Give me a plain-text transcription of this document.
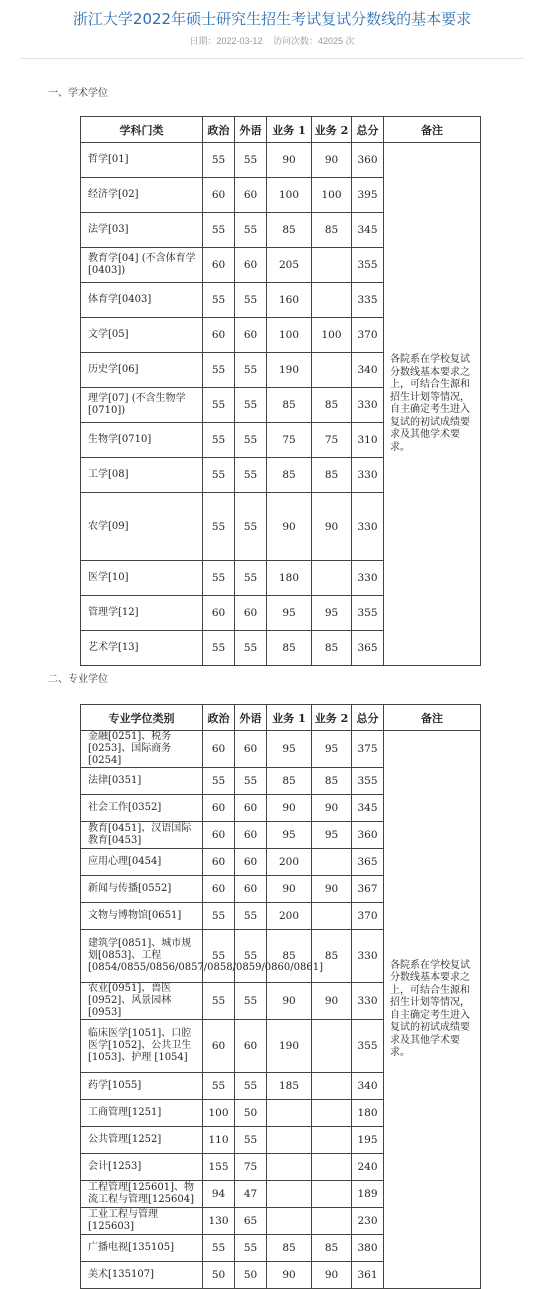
浙江大学2022年硕士研究生招生考试复试分数线的基本要求
日期：2022-03-12 访问次数：42025 次
一、学术学位
学科门类	政治	外语	业务 1	业务 2	总分	备注
哲学[01]	55	55	90	90	360	各院系在学校复试分数线基本要求之上，可结合生源和招生计划等情况，自主确定考生进入复试的初试成绩要求及其他学术要求。

经济学[02]	60	60	100	100	395	
法学[03]	55	55	85	85	345	
教育学[04] (不含体育学[0403])	60	60	205		355	
体育学[0403]	55	55	160		335	
文学[05]	60	60	100	100	370	
历史学[06]	55	55	190		340	
理学[07] (不含生物学[0710])	55	55	85	85	330	
生物学[0710]	55	55	75	75	310	
工学[08]	55	55	85	85	330	
农学[09]	55	55	90	90	330	
医学[10]	55	55	180		330	
管理学[12]	60	60	95	95	355	
艺术学[13]	55	55	85	85	365	
二、专业学位
专业学位类别	政治	外语	业务 1	业务 2	总分	备注
金融[0251]、税务[0253]、国际商务[0254]	60	60	95	95	375	各院系在学校复试分数线基本要求之上，可结合生源和招生计划等情况，自主确定考生进入复试的初试成绩要求及其他学术要求。

法律[0351]	55	55	85	85	355	
社会工作[0352]	60	60	90	90	345	
教育[0451]、汉语国际教育[0453]	60	60	95	95	360	
应用心理[0454]	60	60	200		365	
新闻与传播[0552]	60	60	90	90	367	
文物与博物馆[0651]	55	55	200		370	
建筑学[0851]、城市规划[0853]、工程[0854/0855/0856/0857/0858/0859/0860/0861]	55	55	85	85	330	
农业[0951]、兽医[0952]、风景园林[0953]	55	55	90	90	330	
临床医学[1051]、口腔医学[1052]、公共卫生[1053]、护理 [1054]	60	60	190		355	
药学[1055]	55	55	185		340	
工商管理[1251]	100	50			180	
公共管理[1252]	110	55			195	
会计[1253]	155	75			240	
工程管理[125601]、物流工程与管理[125604]	94	47			189	
工业工程与管理[125603]	130	65			230	
广播电视[135105]	55	55	85	85	380	
美术[135107]	50	50	90	90	361	
